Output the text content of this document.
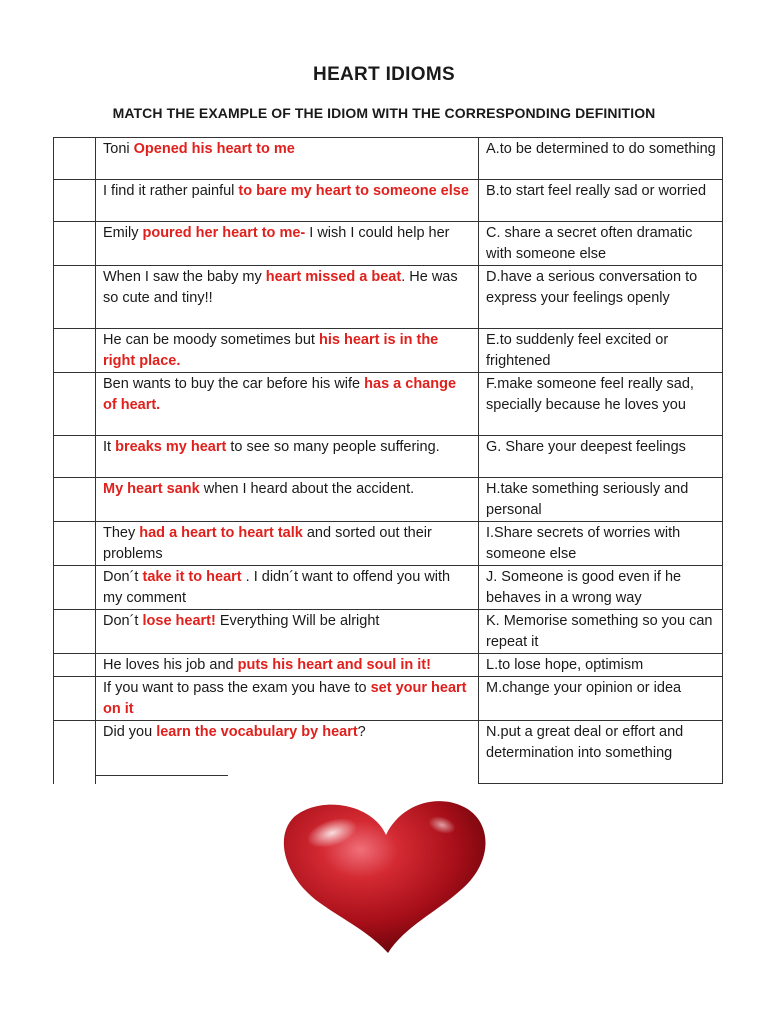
HEART IDIOMS
MATCH THE EXAMPLE OF THE IDIOM WITH THE CORRESPONDING DEFINITION
	Toni Opened his heart to me	A.to be determined to do something
	I find it rather painful to bare my heart to someone else	B.to start feel really sad or worried
	Emily poured her heart to me- I wish I could help her	C. share a secret often dramatic with someone else
	When I saw the baby my heart missed a beat. He was so cute and tiny!!	D.have a serious conversation to express your feelings openly
	He can be moody sometimes but his heart is in the right place.	E.to suddenly feel excited or frightened
	Ben wants to buy the car before his wife has a change of heart.	F.make someone feel really sad, specially because he loves you
	It breaks my heart to see so many people suffering.	G. Share your deepest feelings
	My heart sank when I heard about the accident.	H.take something seriously and personal
	They had a heart to heart talk and sorted out their problems	I.Share secrets of worries with someone else
	Don´t take it to heart . I didn´t want to offend you with my comment	J. Someone is good even if he behaves in a wrong way
	Don´t lose heart! Everything Will be alright	K. Memorise something so you can repeat it
	He loves his job and puts his heart and soul in it!	L.to lose hope, optimism
	If you want to pass the exam you have to set your heart on it	M.change your opinion or idea
	Did you learn the vocabulary by heart?	N.put a great deal or effort and determination into something
